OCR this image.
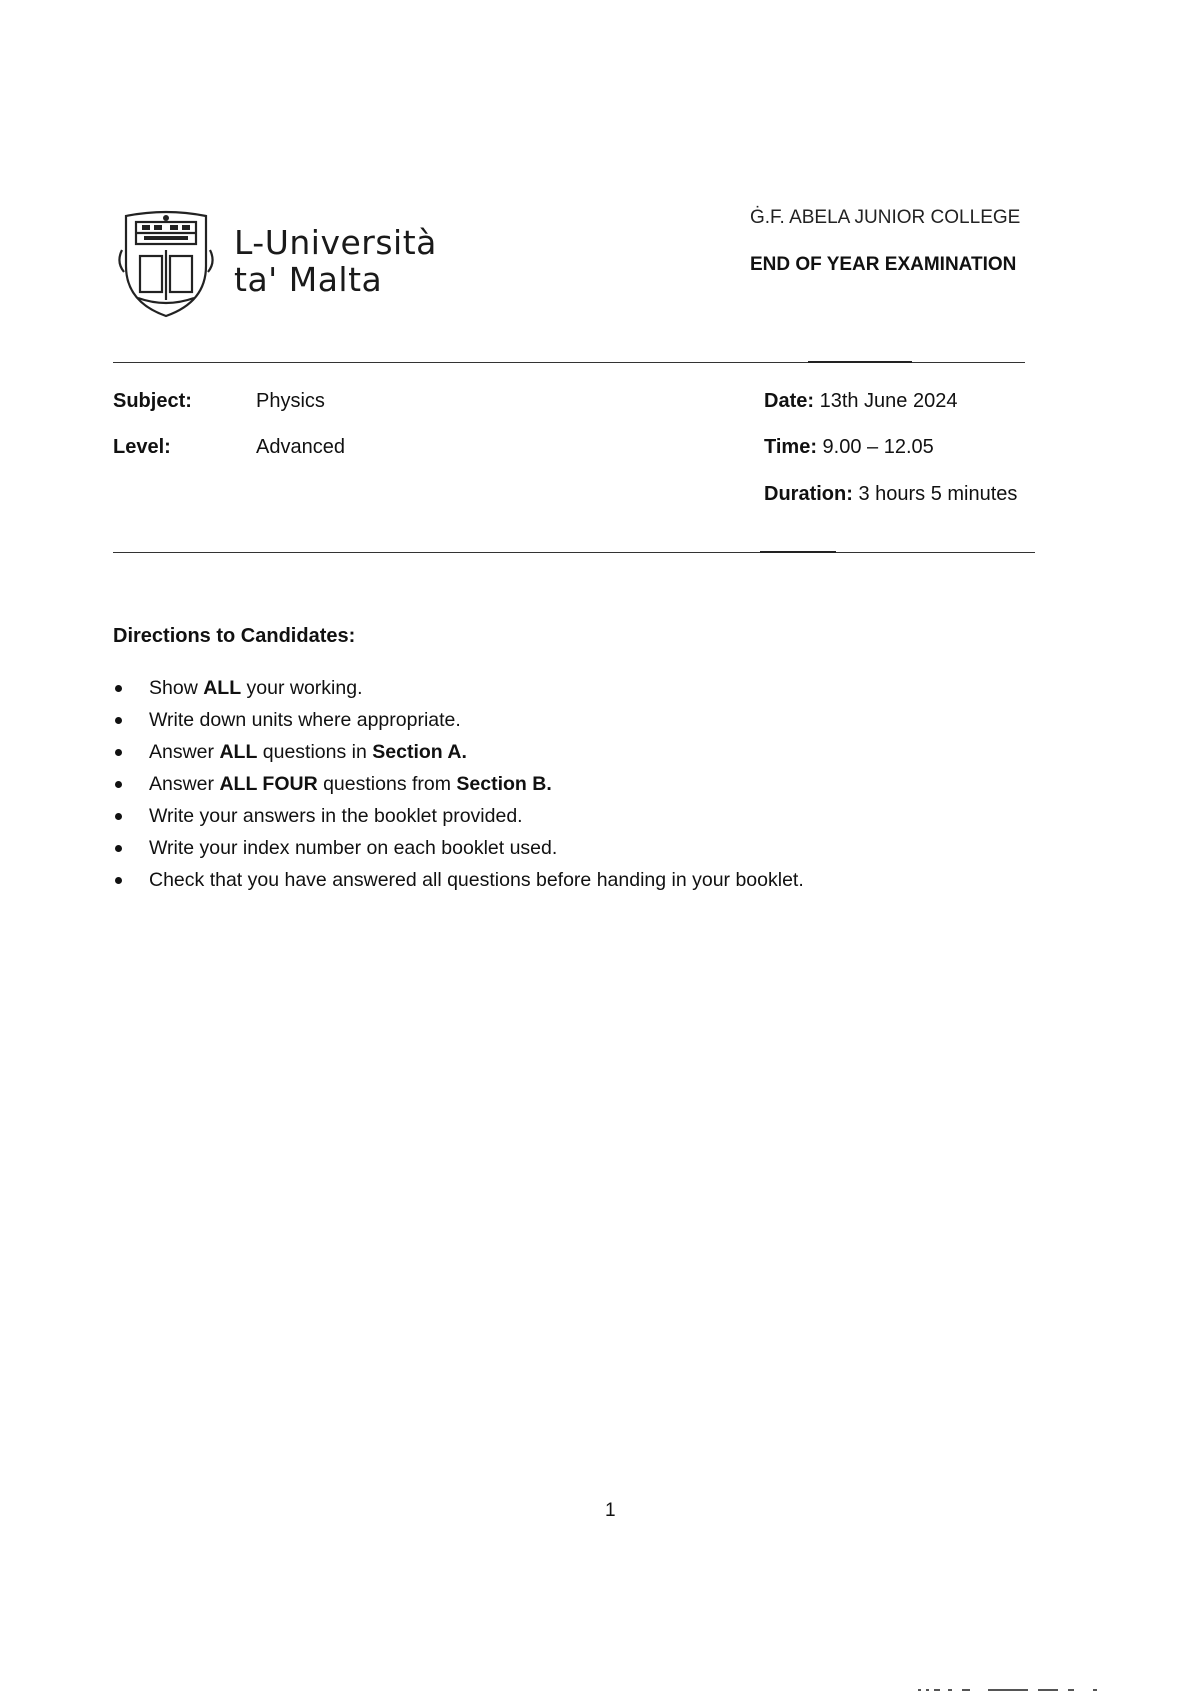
L-Università
ta' Malta
Ġ.F. ABELA JUNIOR COLLEGE
END OF YEAR EXAMINATION
Subject:	Physics
Level:	Advanced
Date: 13th June 2024
Time: 9.00 – 12.05
Duration: 3 hours 5 minutes
Directions to Candidates:
Show ALL your working.
Write down units where appropriate.
Answer ALL questions in Section A.
Answer ALL FOUR questions from Section B.
Write your answers in the booklet provided.
Write your index number on each booklet used.
Check that you have answered all questions before handing in your booklet.
1
